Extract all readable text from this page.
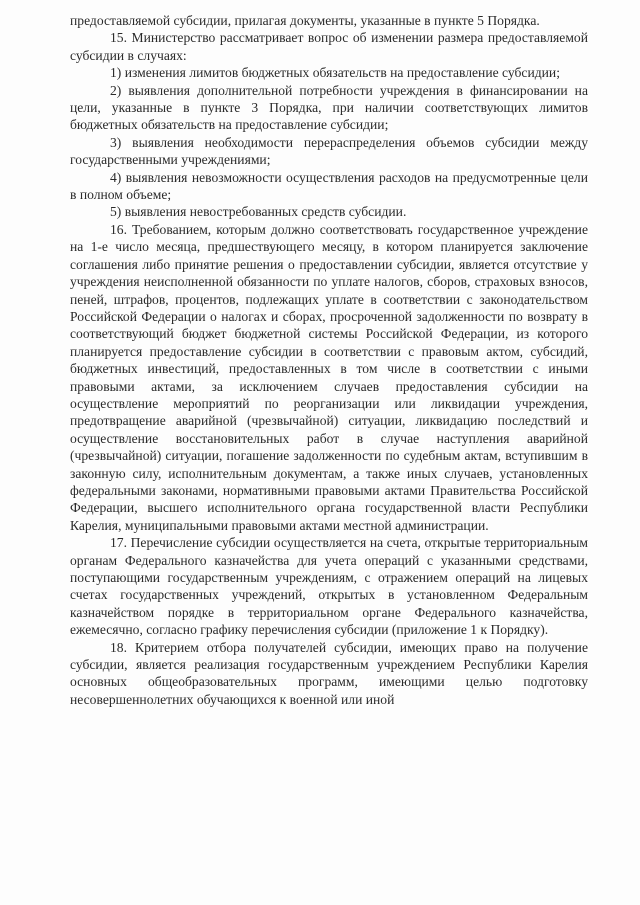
предоставляемой субсидии, прилагая документы, указанные в пункте 5 Порядка.

15. Министерство рассматривает вопрос об изменении размера предоставляемой субсидии в случаях:

1) изменения лимитов бюджетных обязательств на предоставление субсидии;

2) выявления дополнительной потребности учреждения в финансировании на цели, указанные в пункте 3 Порядка, при наличии соответствующих лимитов бюджетных обязательств на предоставление субсидии;

3) выявления необходимости перераспределения объемов субсидии между государственными учреждениями;

4) выявления невозможности осуществления расходов на предусмотренные цели в полном объеме;

5) выявления невостребованных средств субсидии.

16. Требованием, которым должно соответствовать государственное учреждение на 1-е число месяца, предшествующего месяцу, в котором планируется заключение соглашения либо принятие решения о предоставлении субсидии, является отсутствие у учреждения неисполненной обязанности по уплате налогов, сборов, страховых взносов, пеней, штрафов, процентов, подлежащих уплате в соответствии с законодательством Российской Федерации о налогах и сборах, просроченной задолженности по возврату в соответствующий бюджет бюджетной системы Российской Федерации, из которого планируется предоставление субсидии в соответствии с правовым актом, субсидий, бюджетных инвестиций, предоставленных в том числе в соответствии с иными правовыми актами, за исключением случаев предоставления субсидии на осуществление мероприятий по реорганизации или ликвидации учреждения, предотвращение аварийной (чрезвычайной) ситуации, ликвидацию последствий и осуществление восстановительных работ в случае наступления аварийной (чрезвычайной) ситуации, погашение задолженности по судебным актам, вступившим в законную силу, исполнительным документам, а также иных случаев, установленных федеральными законами, нормативными правовыми актами Правительства Российской Федерации, высшего исполнительного органа государственной власти Республики Карелия, муниципальными правовыми актами местной администрации.

17. Перечисление субсидии осуществляется на счета, открытые территориальным органам Федерального казначейства для учета операций с указанными средствами, поступающими государственным учреждениям, с отражением операций на лицевых счетах государственных учреждений, открытых в установленном Федеральным казначейством порядке в территориальном органе Федерального казначейства, ежемесячно, согласно графику перечисления субсидии (приложение 1 к Порядку).

18. Критерием отбора получателей субсидии, имеющих право на получение субсидии, является реализация государственным учреждением Республики Карелия основных общеобразовательных программ, имеющими целью подготовку несовершеннолетних обучающихся к военной или иной
